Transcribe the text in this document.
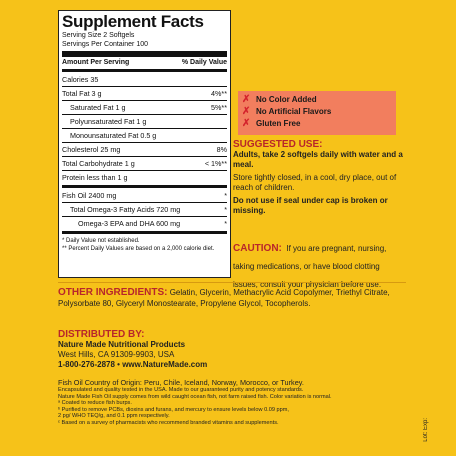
Supplement Facts
Serving Size 2 Softgels
Servings Per Container 100
Amount Per Serving	% Daily Value
Calories 35
Total Fat 3 g	4%**
Saturated Fat 1 g	5%**
Polyunsaturated Fat 1 g
Monounsaturated Fat 0.5 g
Cholesterol 25 mg	8%
Total Carbohydrate 1 g	< 1%**
Protein less than 1 g
Fish Oil 2400 mg	*
Total Omega-3 Fatty Acids 720 mg	*
Omega-3 EPA and DHA 600 mg	*
* Daily Value not established.
** Percent Daily Values are based on a 2,000 calorie diet.
✗ No Color Added
✗ No Artificial Flavors
✗ Gluten Free
SUGGESTED USE:
Adults, take 2 softgels daily with water and a meal.
Store tightly closed, in a cool, dry place, out of reach of children.
Do not use if seal under cap is broken or missing.
CAUTION: If you are pregnant, nursing, taking medications, or have blood clotting issues, consult your physician before use.
OTHER INGREDIENTS: Gelatin, Glycerin, Methacrylic Acid Copolymer, Triethyl Citrate, Polysorbate 80, Glyceryl Monostearate, Propylene Glycol, Tocopherols.
DISTRIBUTED BY:
Nature Made Nutritional Products
West Hills, CA 91309-9903, USA
1-800-276-2878 • www.NatureMade.com
Fish Oil Country of Origin: Peru, Chile, Iceland, Norway, Morocco, or Turkey.
Encapsulated and quality tested in the USA. Made to our guaranteed purity and potency standards.
Nature Made Fish Oil supply comes from wild caught ocean fish, not farm raised fish. Color variation is normal.
ᵃ Coated to reduce fish burps.
ᵇ Purified to remove PCBs, dioxins and furans, and mercury to ensure levels below 0.09 ppm,
2 pg/ WHO TEQ/g, and 0.1 ppm respectively.
ᶜ Based on a survey of pharmacists who recommend branded vitamins and supplements.	Lot: Exp:
